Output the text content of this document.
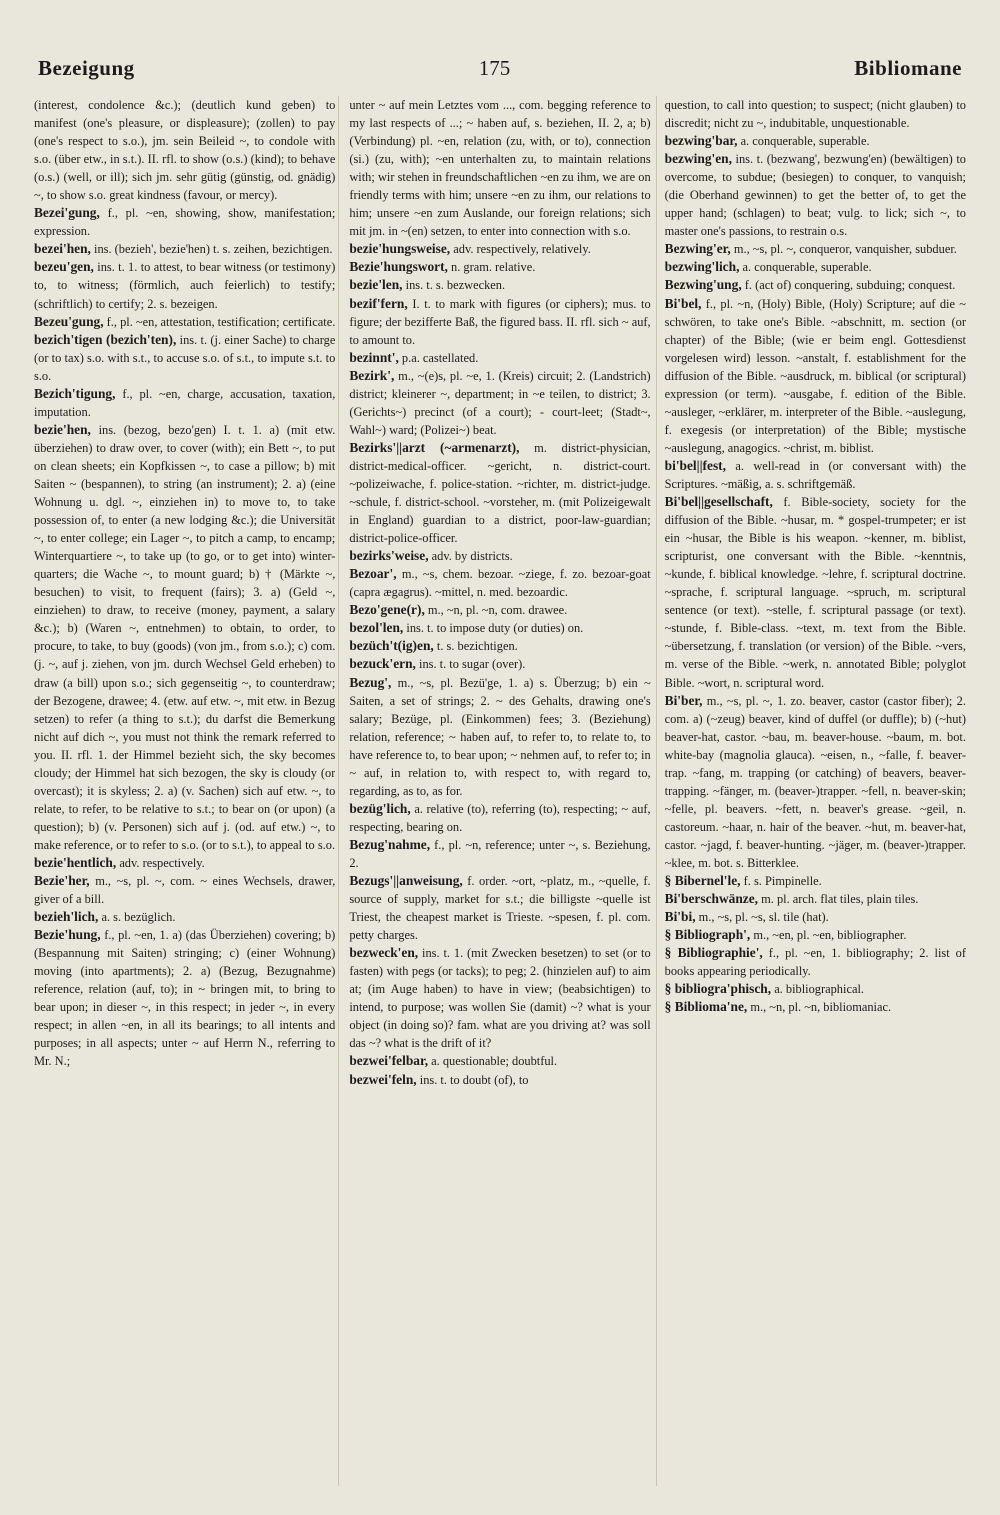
Bezeigung	175	Bibliomane

(interest, condolence &c.); (deutlich kund geben) to manifest (one's pleasure, or displeasure); (zollen) to pay (one's respect to s.o.), jm. sein Beileid ~, to condole with s.o. (über etw., in s.t.). II. rfl. to show (o.s.) (kind); to behave (o.s.) (well, or ill); sich jm. sehr gütig (günstig, od. gnädig) ~, to show s.o. great kindness (favour, or mercy).

Bezei'gung, f., pl. ~en, showing, show, manifestation; expression.

bezei'hen, ins. (bezieh', bezie'hen) t. s. zeihen, bezichtigen.

bezeu'gen, ins. t. 1. to attest, to bear witness (or testimony) to, to witness; (förmlich, auch feierlich) to testify; (schriftlich) to certify; 2. s. bezeigen.

Bezeu'gung, f., pl. ~en, attestation, testification; certificate.

bezich'tigen (bezich'ten), ins. t. (j. einer Sache) to charge (or to tax) s.o. with s.t., to accuse s.o. of s.t., to impute s.t. to s.o.

Bezich'tigung, f., pl. ~en, charge, accusation, taxation, imputation.

bezie'hen, ins. (bezog, bezo'gen) I. t. 1. a) (mit etw. überziehen) to draw over, to cover (with); ein Bett ~, to put on clean sheets; ein Kopfkissen ~, to case a pillow; b) mit Saiten ~ (bespannen), to string (an instrument); 2. a) (eine Wohnung u. dgl. ~, einziehen in) to move to, to take possession of, to enter (a new lodging &c.); die Universität ~, to enter college; ein Lager ~, to pitch a camp, to encamp; Winterquartiere ~, to take up (to go, or to get into) winter-quarters; die Wache ~, to mount guard; b) † (Märkte ~, besuchen) to visit, to frequent (fairs); 3. a) (Geld ~, einziehen) to draw, to receive (money, payment, a salary &c.); b) (Waren ~, entnehmen) to obtain, to order, to procure, to take, to buy (goods) (von jm., from s.o.); c) com. (j. ~, auf j. ziehen, von jm. durch Wechsel Geld erheben) to draw (a bill) upon s.o.; sich gegenseitig ~, to counterdraw; der Bezogene, drawee; 4. (etw. auf etw. ~, mit etw. in Bezug setzen) to refer (a thing to s.t.); du darfst die Bemerkung nicht auf dich ~, you must not think the remark referred to you. II. rfl. 1. der Himmel bezieht sich, the sky becomes cloudy; der Himmel hat sich bezogen, the sky is cloudy (or overcast); it is skyless; 2. a) (v. Sachen) sich auf etw. ~, to relate, to refer, to be relative to s.t.; to bear on (or upon) (a question); b) (v. Personen) sich auf j. (od. auf etw.) ~, to make reference, or to refer to s.o. (or to s.t.), to appeal to s.o.

bezie'hentlich, adv. respectively.

Bezie'her, m., ~s, pl. ~, com. ~ eines Wechsels, drawer, giver of a bill.

bezieh'lich, a. s. bezüglich.

Bezie'hung, f., pl. ~en, 1. a) (das Überziehen) covering; b) (Bespannung mit Saiten) stringing; c) (einer Wohnung) moving (into apartments); 2. a) (Bezug, Bezugnahme) reference, relation (auf, to); in ~ bringen mit, to bring to bear upon; in dieser ~, in this respect; in jeder ~, in every respect; in allen ~en, in all its bearings; to all intents and purposes; in all aspects; unter ~ auf Herrn N., referring to Mr. N.;

unter ~ auf mein Letztes vom ..., com. begging reference to my last respects of ...; ~ haben auf, s. beziehen, II. 2, a; b) (Verbindung) pl. ~en, relation (zu, with, or to), connection (si.) (zu, with); ~en unterhalten zu, to maintain relations with; wir stehen in freundschaftlichen ~en zu ihm, we are on friendly terms with him; unsere ~en zu ihm, our relations to him; unsere ~en zum Auslande, our foreign relations; sich mit jm. in ~(en) setzen, to enter into connection with s.o.

bezie'hungsweise, adv. respectively, relatively.

Bezie'hungswort, n. gram. relative.

bezie'len, ins. t. s. bezwecken.

bezif'fern, I. t. to mark with figures (or ciphers); mus. to figure; der bezifferte Baß, the figured bass. II. rfl. sich ~ auf, to amount to.

bezinnt', p.a. castellated.

Bezirk', m., ~(e)s, pl. ~e, 1. (Kreis) circuit; 2. (Landstrich) district; kleinerer ~, department; in ~e teilen, to district; 3. (Gerichts~) precinct (of a court); - court-leet; (Stadt~, Wahl~) ward; (Polizei~) beat.

Bezirks'||arzt (~armenarzt), m. district-physician, district-medical-officer. ~gericht, n. district-court. ~polizeiwache, f. police-station. ~richter, m. district-judge. ~schule, f. district-school. ~vorsteher, m. (mit Polizeigewalt in England) guardian to a district, poor-law-guardian; district-police-officer.

bezirks'weise, adv. by districts.

Bezoar', m., ~s, chem. bezoar. ~ziege, f. zo. bezoar-goat (capra ægagrus). ~mittel, n. med. bezoardic.

Bezo'gene(r), m., ~n, pl. ~n, com. drawee.

bezol'len, ins. t. to impose duty (or duties) on.

bezüch't(ig)en, t. s. bezichtigen.

bezuck'ern, ins. t. to sugar (over).

Bezug', m., ~s, pl. Bezü'ge, 1. a) s. Überzug; b) ein ~ Saiten, a set of strings; 2. ~ des Gehalts, drawing one's salary; Bezüge, pl. (Einkommen) fees; 3. (Beziehung) relation, reference; ~ haben auf, to refer to, to relate to, to have reference to, to bear upon; ~ nehmen auf, to refer to; in ~ auf, in relation to, with respect to, with regard to, regarding, as to, as for.

bezüg'lich, a. relative (to), referring (to), respecting; ~ auf, respecting, bearing on.

Bezug'nahme, f., pl. ~n, reference; unter ~, s. Beziehung, 2.

Bezugs'||anweisung, f. order. ~ort, ~platz, m., ~quelle, f. source of supply, market for s.t.; die billigste ~quelle ist Triest, the cheapest market is Trieste. ~spesen, f. pl. com. petty charges.

bezweck'en, ins. t. 1. (mit Zwecken besetzen) to set (or to fasten) with pegs (or tacks); to peg; 2. (hinzielen auf) to aim at; (im Auge haben) to have in view; (beabsichtigen) to intend, to purpose; was wollen Sie (damit) ~? what is your object (in doing so)? fam. what are you driving at? was soll das ~? what is the drift of it?

bezwei'felbar, a. questionable; doubtful.

bezwei'feln, ins. t. to doubt (of), to

question, to call into question; to suspect; (nicht glauben) to discredit; nicht zu ~, indubitable, unquestionable.

bezwing'bar, a. conquerable, superable.

bezwing'en, ins. t. (bezwang', bezwung'en) (bewältigen) to overcome, to subdue; (besiegen) to conquer, to vanquish; (die Oberhand gewinnen) to get the better of, to get the upper hand; (schlagen) to beat; vulg. to lick; sich ~, to master one's passions, to restrain o.s.

Bezwing'er, m., ~s, pl. ~, conqueror, vanquisher, subduer.

bezwing'lich, a. conquerable, superable.

Bezwing'ung, f. (act of) conquering, subduing; conquest.

Bi'bel, f., pl. ~n, (Holy) Bible, (Holy) Scripture; auf die ~ schwören, to take one's Bible. ~abschnitt, m. section (or chapter) of the Bible; (wie er beim engl. Gottesdienst vorgelesen wird) lesson. ~anstalt, f. establishment for the diffusion of the Bible. ~ausdruck, m. biblical (or scriptural) expression (or term). ~ausgabe, f. edition of the Bible. ~ausleger, ~erklärer, m. interpreter of the Bible. ~auslegung, f. exegesis (or interpretation) of the Bible; mystische ~auslegung, anagogics. ~christ, m. biblist.

bi'bel||fest, a. well-read in (or conversant with) the Scriptures. ~mäßig, a. s. schriftgemäß.

Bi'bel||gesellschaft, f. Bible-society, society for the diffusion of the Bible. ~husar, m. * gospel-trumpeter; er ist ein ~husar, the Bible is his weapon. ~kenner, m. biblist, scripturist, one conversant with the Bible. ~kenntnis, ~kunde, f. biblical knowledge. ~lehre, f. scriptural doctrine. ~sprache, f. scriptural language. ~spruch, m. scriptural sentence (or text). ~stelle, f. scriptural passage (or text). ~stunde, f. Bible-class. ~text, m. text from the Bible. ~übersetzung, f. translation (or version) of the Bible. ~vers, m. verse of the Bible. ~werk, n. annotated Bible; polyglot Bible. ~wort, n. scriptural word.

Bi'ber, m., ~s, pl. ~, 1. zo. beaver, castor (castor fiber); 2. com. a) (~zeug) beaver, kind of duffel (or duffle); b) (~hut) beaver-hat, castor. ~bau, m. beaver-house. ~baum, m. bot. white-bay (magnolia glauca). ~eisen, n., ~falle, f. beaver-trap. ~fang, m. trapping (or catching) of beavers, beaver-trapping. ~fänger, m. (beaver-)trapper. ~fell, n. beaver-skin; ~felle, pl. beavers. ~fett, n. beaver's grease. ~geil, n. castoreum. ~haar, n. hair of the beaver. ~hut, m. beaver-hat, castor. ~jagd, f. beaver-hunting. ~jäger, m. (beaver-)trapper. ~klee, m. bot. s. Bitterklee.

§ Bibernel'le, f. s. Pimpinelle.

Bi'berschwänze, m. pl. arch. flat tiles, plain tiles.

Bi'bi, m., ~s, pl. ~s, sl. tile (hat).

§ Bibliograph', m., ~en, pl. ~en, bibliographer.

§ Bibliographie', f., pl. ~en, 1. bibliography; 2. list of books appearing periodically.

§ bibliogra'phisch, a. bibliographical.

§ Biblioma'ne, m., ~n, pl. ~n, bibliomaniac.
